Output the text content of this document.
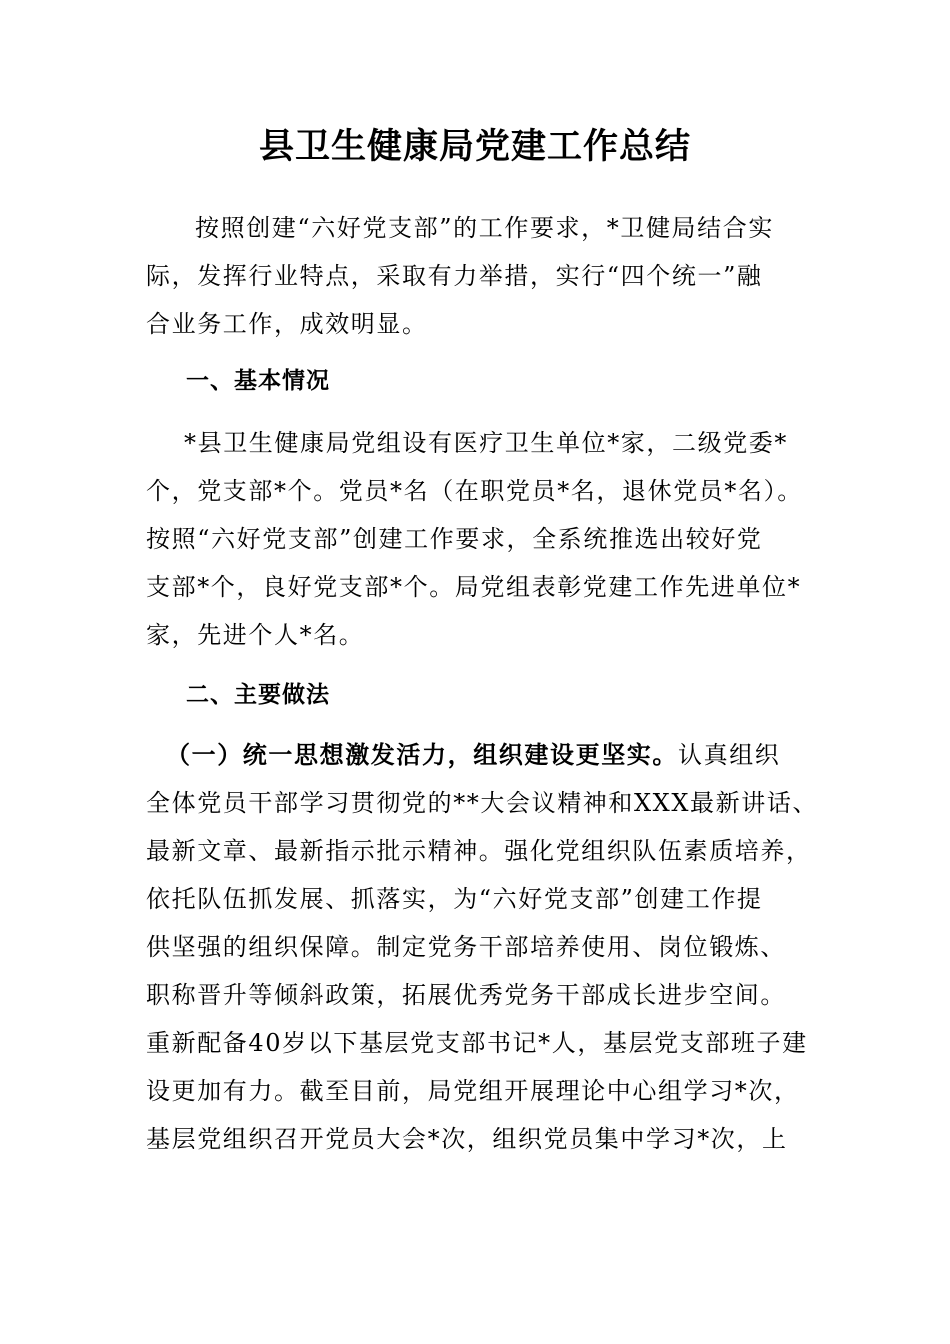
县卫生健康局党建工作总结
按照创建“六好党支部”的工作要求，*卫健局结合实
际，发挥行业特点，采取有力举措，实行“四个统一”融
合业务工作，成效明显。
一、基本情况
*县卫生健康局党组设有医疗卫生单位*家，二级党委*
个，党支部*个。党员*名（在职党员*名，退休党员*名）。
按照“六好党支部”创建工作要求，全系统推选出较好党
支部*个，良好党支部*个。局党组表彰党建工作先进单位*
家，先进个人*名。
二、主要做法
（一）统一思想激发活力，组织建设更坚实。认真组织
全体党员干部学习贯彻党的**大会议精神和XXX最新讲话、
最新文章、最新指示批示精神。强化党组织队伍素质培养，
依托队伍抓发展、抓落实，为“六好党支部”创建工作提
供坚强的组织保障。制定党务干部培养使用、岗位锻炼、
职称晋升等倾斜政策，拓展优秀党务干部成长进步空间。
重新配备40岁以下基层党支部书记*人，基层党支部班子建
设更加有力。截至目前，局党组开展理论中心组学习*次，
基层党组织召开党员大会*次，组织党员集中学习*次，上
